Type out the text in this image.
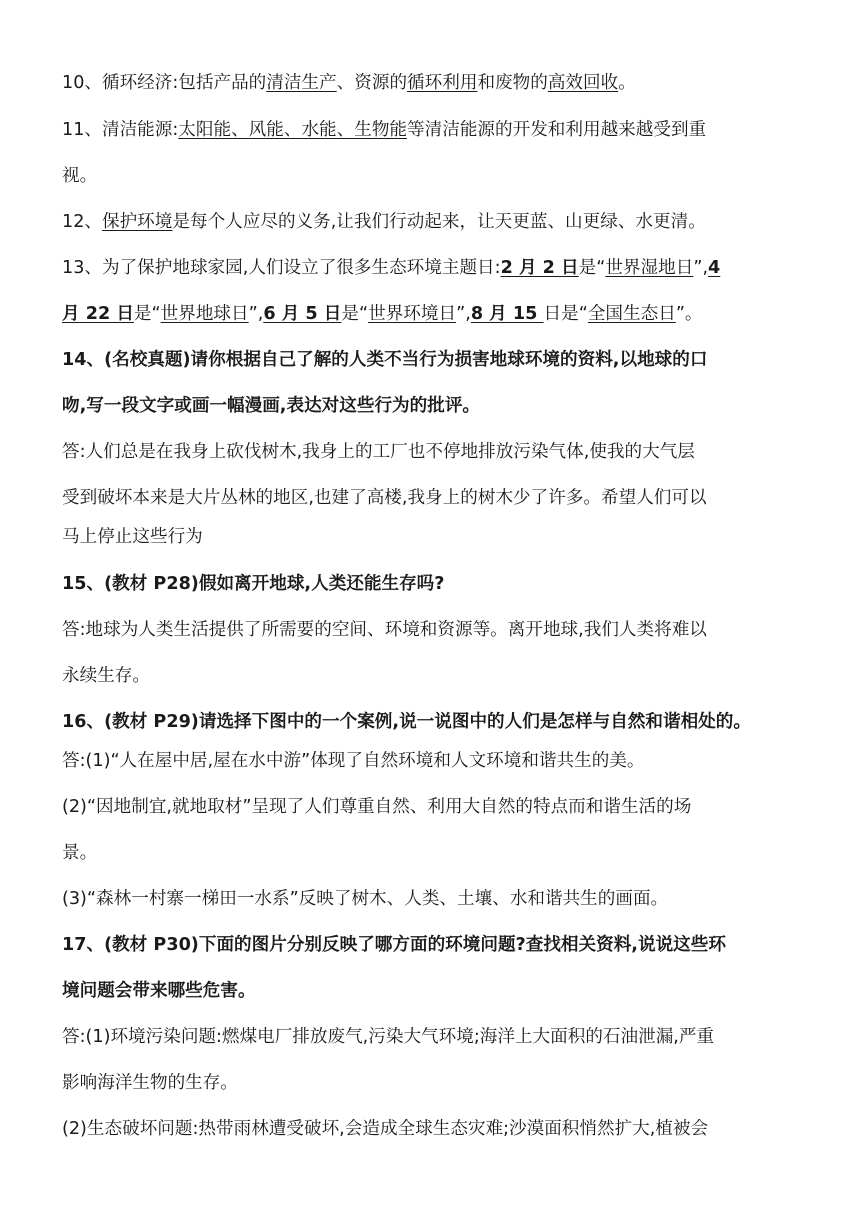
10、循环经济:包括产品的清洁生产、资源的循环利用和废物的高效回收。
11、清洁能源:太阳能、风能、水能、生物能等清洁能源的开发和利用越来越受到重
视。
12、保护环境是每个人应尽的义务,让我们行动起来，让天更蓝、山更绿、水更清。
13、为了保护地球家园,人们设立了很多生态环境主题日:2 月 2 日是“世界湿地日”,4
月 22 日是“世界地球日”,6 月 5 日是“世界环境日”,8 月 15 日是“全国生态日”。
14、(名校真题)请你根据自己了解的人类不当行为损害地球环境的资料,以地球的口
吻,写一段文字或画一幅漫画,表达对这些行为的批评。
答:人们总是在我身上砍伐树木,我身上的工厂也不停地排放污染气体,使我的大气层
受到破坏本来是大片丛林的地区,也建了高楼,我身上的树木少了许多。希望人们可以
马上停止这些行为
15、(教材 P28)假如离开地球,人类还能生存吗?
答:地球为人类生活提供了所需要的空间、环境和资源等。离开地球,我们人类将难以
永续生存。
16、(教材 P29)请选择下图中的一个案例,说一说图中的人们是怎样与自然和谐相处的。
答:(1)“人在屋中居,屋在水中游”体现了自然环境和人文环境和谐共生的美。
(2)“因地制宜,就地取材”呈现了人们尊重自然、利用大自然的特点而和谐生活的场
景。
(3)“森林一村寨一梯田一水系”反映了树木、人类、土壤、水和谐共生的画面。
17、(教材 P30)下面的图片分别反映了哪方面的环境问题?查找相关资料,说说这些环
境问题会带来哪些危害。
答:(1)环境污染问题:燃煤电厂排放废气,污染大气环境;海洋上大面积的石油泄漏,严重
影响海洋生物的生存。
(2)生态破坏问题:热带雨林遭受破坏,会造成全球生态灾难;沙漠面积悄然扩大,植被会
